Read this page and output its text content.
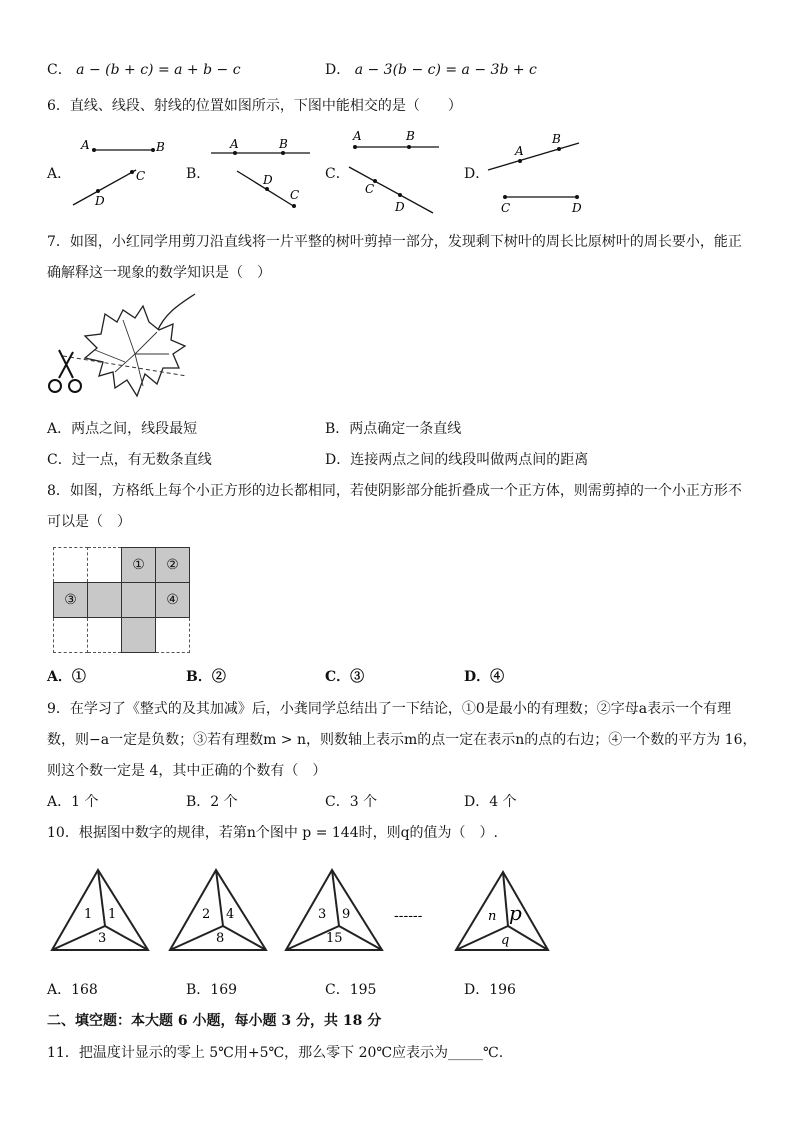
C． a − (b + c) = a + b − c	D． a − 3(b − c) = a − 3b + c
6．直线、线段、射线的位置如图所示，下图中能相交的是（　　）
A．	B．	C．	D．
A	B
D
C
A	B
D
C
A	B
C
D
A
B
C	D
7．如图，小红同学用剪刀沿直线将一片平整的树叶剪掉一部分，发现剩下树叶的周长比原树叶的周长要小，能正
确解释这一现象的数学知识是（　）
A．两点之间，线段最短	B．两点确定一条直线
C．过一点，有无数条直线	D．连接两点之间的线段叫做两点间的距离
8．如图，方格纸上每个小正方形的边长都相同，若使阴影部分能折叠成一个正方体，则需剪掉的一个小正方形不
可以是（　）
		①	②
③			④

A．①	B．②	C．③	D．④
9．在学习了《整式的及其加减》后，小龚同学总结出了一下结论，①0是最小的有理数；②字母a表示一个有理
数，则−a一定是负数；③若有理数m > n，则数轴上表示m的点一定在表示n的点的右边；④一个数的平方为 16，
则这个数一定是 4，其中正确的个数有（　）
A．1 个	B．2 个	C．3 个	D．4 个
10．根据图中数字的规律，若第n个图中 p = 144时，则q的值为（　）.
1 1
3
2 4
8
3 9
15
------	n p
q
A．168	B．169	C．195	D．196
二、填空题：本大题 6 小题，每小题 3 分，共 18 分
11．把温度计显示的零上 5℃用+5℃，那么零下 20℃应表示为_____℃.
